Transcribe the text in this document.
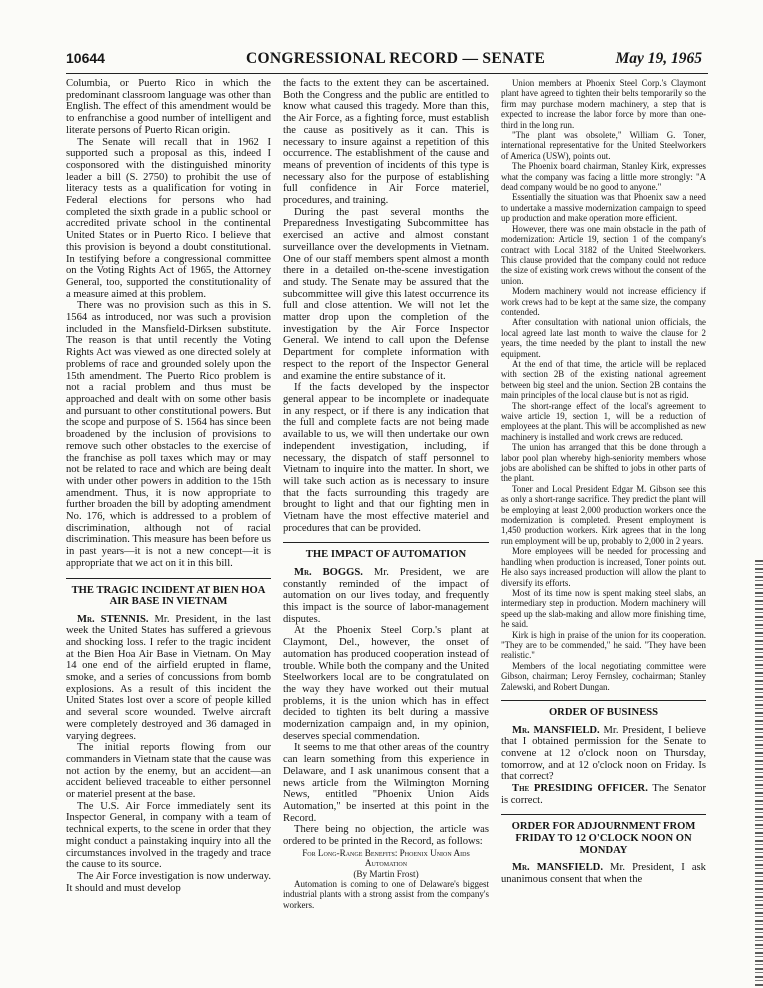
10644	CONGRESSIONAL RECORD — SENATE	May 19, 1965

Columbia, or Puerto Rico in which the predominant classroom language was other than English. The effect of this amendment would be to enfranchise a good number of intelligent and literate persons of Puerto Rican origin.

The Senate will recall that in 1962 I supported such a proposal as this, indeed I cosponsored with the distinguished minority leader a bill (S. 2750) to prohibit the use of literacy tests as a qualification for voting in Federal elections for persons who had completed the sixth grade in a public school or accredited private school in the continental United States or in Puerto Rico. I believe that this provision is beyond a doubt constitutional. In testifying before a congressional committee on the Voting Rights Act of 1965, the Attorney General, too, supported the constitutionality of a measure aimed at this problem.

There was no provision such as this in S. 1564 as introduced, nor was such a provision included in the Mansfield-Dirksen substitute. The reason is that until recently the Voting Rights Act was viewed as one directed solely at problems of race and grounded solely upon the 15th amendment. The Puerto Rico problem is not a racial problem and thus must be approached and dealt with on some other basis and pursuant to other constitutional powers. But the scope and purpose of S. 1564 has since been broadened by the inclusion of provisions to remove such other obstacles to the exercise of the franchise as poll taxes which may or may not be related to race and which are being dealt with under other powers in addition to the 15th amendment. Thus, it is now appropriate to further broaden the bill by adopting amendment No. 176, which is addressed to a problem of discrimination, although not of racial discrimination. This measure has been before us in past years—it is not a new concept—it is appropriate that we act on it in this bill.

THE TRAGIC INCIDENT AT BIEN HOA AIR BASE IN VIETNAM

Mr. STENNIS. Mr. President, in the last week the United States has suffered a grievous and shocking loss. I refer to the tragic incident at the Bien Hoa Air Base in Vietnam. On May 14 one end of the airfield erupted in flame, smoke, and a series of concussions from bomb explosions. As a result of this incident the United States lost over a score of people killed and several score wounded. Twelve aircraft were completely destroyed and 36 damaged in varying degrees.

The initial reports flowing from our commanders in Vietnam state that the cause was not action by the enemy, but an accident—an accident believed traceable to either personnel or materiel present at the base.

The U.S. Air Force immediately sent its Inspector General, in company with a team of technical experts, to the scene in order that they might conduct a painstaking inquiry into all the circumstances involved in the tragedy and trace the cause to its source.

The Air Force investigation is now underway. It should and must develop

the facts to the extent they can be ascertained. Both the Congress and the public are entitled to know what caused this tragedy. More than this, the Air Force, as a fighting force, must establish the cause as positively as it can. This is necessary to insure against a repetition of this occurrence. The establishment of the cause and means of prevention of incidents of this type is necessary also for the purpose of establishing full confidence in Air Force materiel, procedures, and training.

During the past several months the Preparedness Investigating Subcommittee has exercised an active and almost constant surveillance over the developments in Vietnam. One of our staff members spent almost a month there in a detailed on-the-scene investigation and study. The Senate may be assured that the subcommittee will give this latest occurrence its full and close attention. We will not let the matter drop upon the completion of the investigation by the Air Force Inspector General. We intend to call upon the Defense Department for complete information with respect to the report of the Inspector General and examine the entire substance of it.

If the facts developed by the inspector general appear to be incomplete or inadequate in any respect, or if there is any indication that the full and complete facts are not being made available to us, we will then undertake our own independent investigation, including, if necessary, the dispatch of staff personnel to Vietnam to inquire into the matter. In short, we will take such action as is necessary to insure that the facts surrounding this tragedy are brought to light and that our fighting men in Vietnam have the most effective materiel and procedures that can be provided.

THE IMPACT OF AUTOMATION

Mr. BOGGS. Mr. President, we are constantly reminded of the impact of automation on our lives today, and frequently this impact is the source of labor-management disputes.

At the Phoenix Steel Corp.'s plant at Claymont, Del., however, the onset of automation has produced cooperation instead of trouble. While both the company and the United Steelworkers local are to be congratulated on the way they have worked out their mutual problems, it is the union which has in effect decided to tighten its belt during a massive modernization campaign and, in my opinion, deserves special commendation.

It seems to me that other areas of the country can learn something from this experience in Delaware, and I ask unanimous consent that a news article from the Wilmington Morning News, entitled "Phoenix Union Aids Automation," be inserted at this point in the Record.

There being no objection, the article was ordered to be printed in the Record, as follows:

For Long-Range Benefits: Phoenix Union Aids Automation

(By Martin Frost)

Automation is coming to one of Delaware's biggest industrial plants with a strong assist from the company's workers.

Union members at Phoenix Steel Corp.'s Claymont plant have agreed to tighten their belts temporarily so the firm may purchase modern machinery, a step that is expected to increase the labor force by more than one-third in the long run.

"The plant was obsolete," William G. Toner, international representative for the United Steelworkers of America (USW), points out.

The Phoenix board chairman, Stanley Kirk, expresses what the company was facing a little more strongly: "A dead company would be no good to anyone."

Essentially the situation was that Phoenix saw a need to undertake a massive modernization campaign to speed up production and make operation more efficient.

However, there was one main obstacle in the path of modernization: Article 19, section 1 of the company's contract with Local 3182 of the United Steelworkers. This clause provided that the company could not reduce the size of existing work crews without the consent of the union.

Modern machinery would not increase efficiency if work crews had to be kept at the same size, the company contended.

After consultation with national union officials, the local agreed late last month to waive the clause for 2 years, the time needed by the plant to install the new equipment.

At the end of that time, the article will be replaced with section 2B of the existing national agreement between big steel and the union. Section 2B contains the main principles of the local clause but is not as rigid.

The short-range effect of the local's agreement to waive article 19, section 1, will be a reduction of employees at the plant. This will be accomplished as new machinery is installed and work crews are reduced.

The union has arranged that this be done through a labor pool plan whereby high-seniority members whose jobs are abolished can be shifted to jobs in other parts of the plant.

Toner and Local President Edgar M. Gibson see this as only a short-range sacrifice. They predict the plant will be employing at least 2,000 production workers once the modernization is completed. Present employment is 1,450 production workers. Kirk agrees that in the long run employment will be up, probably to 2,000 in 2 years.

More employees will be needed for processing and handling when production is increased, Toner points out. He also says increased production will allow the plant to diversify its efforts.

Most of its time now is spent making steel slabs, an intermediary step in production. Modern machinery will speed up the slab-making and allow more finishing time, he said.

Kirk is high in praise of the union for its cooperation. "They are to be commended," he said. "They have been realistic."

Members of the local negotiating committee were Gibson, chairman; Leroy Fernsley, cochairman; Stanley Zalewski, and Robert Dungan.

ORDER OF BUSINESS

Mr. MANSFIELD. Mr. President, I believe that I obtained permission for the Senate to convene at 12 o'clock noon on Thursday, tomorrow, and at 12 o'clock noon on Friday. Is that correct?

The PRESIDING OFFICER. The Senator is correct.

ORDER FOR ADJOURNMENT FROM FRIDAY TO 12 O'CLOCK NOON ON MONDAY

Mr. MANSFIELD. Mr. President, I ask unanimous consent that when the
